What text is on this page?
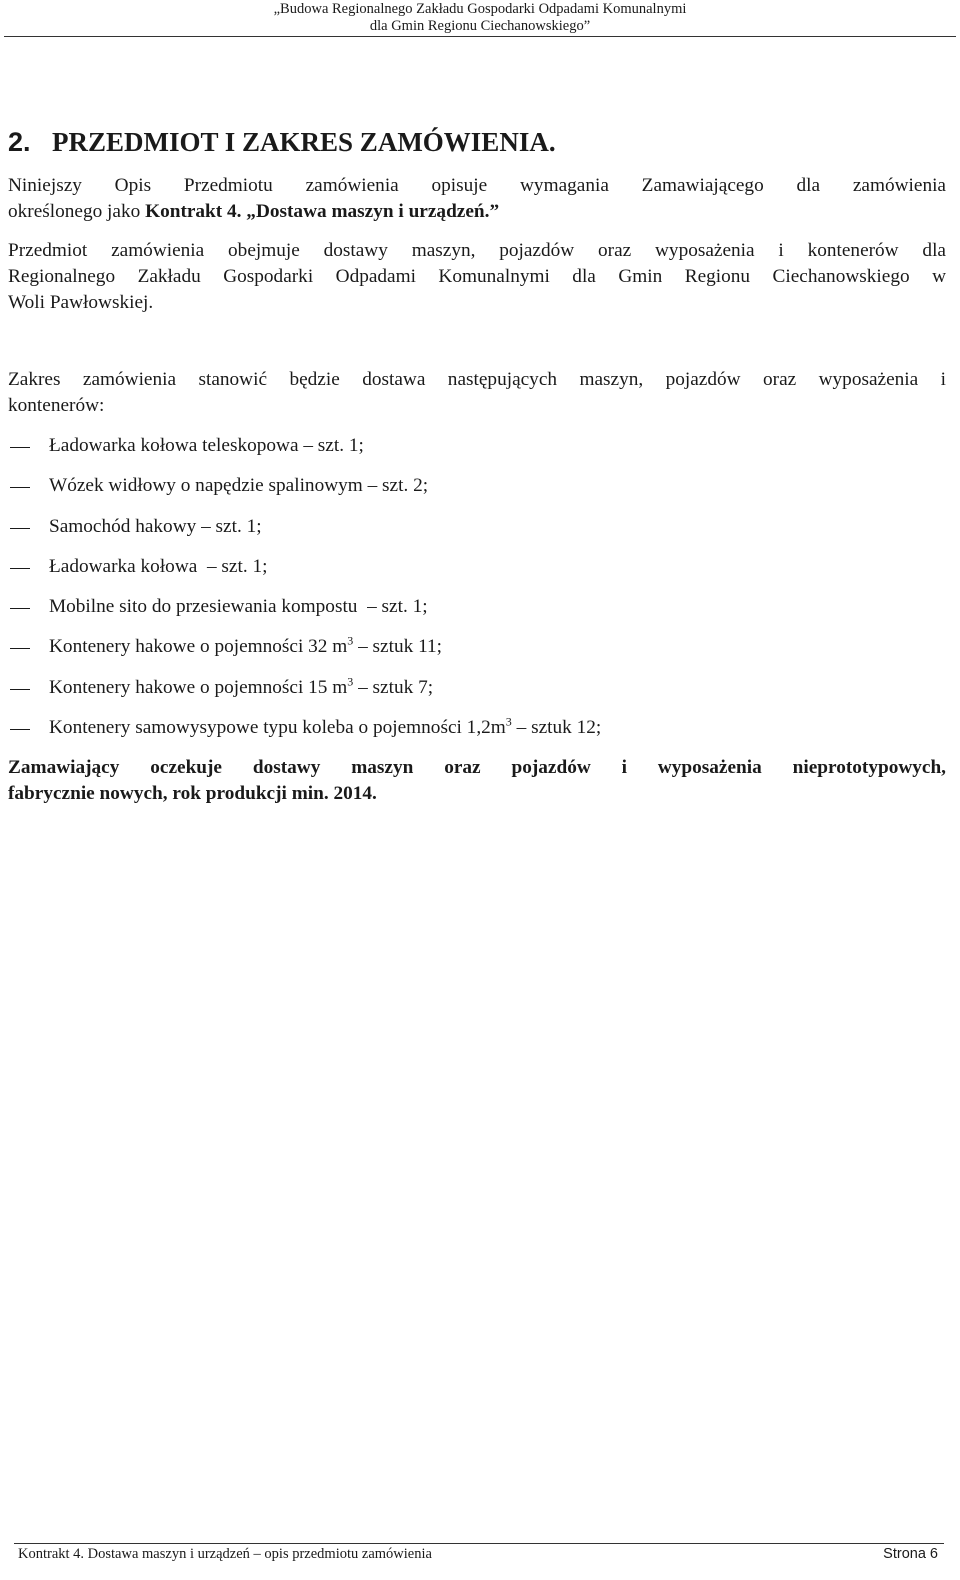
„Budowa Regionalnego Zakładu Gospodarki Odpadami Komunalnymi
dla Gmin Regionu Ciechanowskiego”
2. PRZEDMIOT I ZAKRES ZAMÓWIENIA.
Niniejszy Opis Przedmiotu zamówienia opisuje wymagania Zamawiającego dla zamówienia
określonego jako Kontrakt 4. „Dostawa maszyn i urządzeń.”
Przedmiot zamówienia obejmuje dostawy maszyn, pojazdów oraz wyposażenia i kontenerów dla
Regionalnego Zakładu Gospodarki Odpadami Komunalnymi dla Gmin Regionu Ciechanowskiego w
Woli Pawłowskiej.
Zakres zamówienia stanowić będzie dostawa następujących maszyn, pojazdów oraz wyposażenia i
kontenerów:
Ładowarka kołowa teleskopowa – szt. 1;
Wózek widłowy o napędzie spalinowym – szt. 2;
Samochód hakowy – szt. 1;
Ładowarka kołowa  – szt. 1;
Mobilne sito do przesiewania kompostu  – szt. 1;
Kontenery hakowe o pojemności 32 $m^3$ – sztuk 11;
Kontenery hakowe o pojemności 15 $m^3$ – sztuk 7;
Kontenery samowysypowe typu koleba o pojemności $1,2m^3$ – sztuk 12;
Zamawiający oczekuje dostawy maszyn oraz pojazdów i wyposażenia nieprototypowych,
fabrycznie nowych, rok produkcji min. 2014.
Kontrakt 4. Dostawa maszyn i urządzeń – opis przedmiotu zamówienia	Strona 6
